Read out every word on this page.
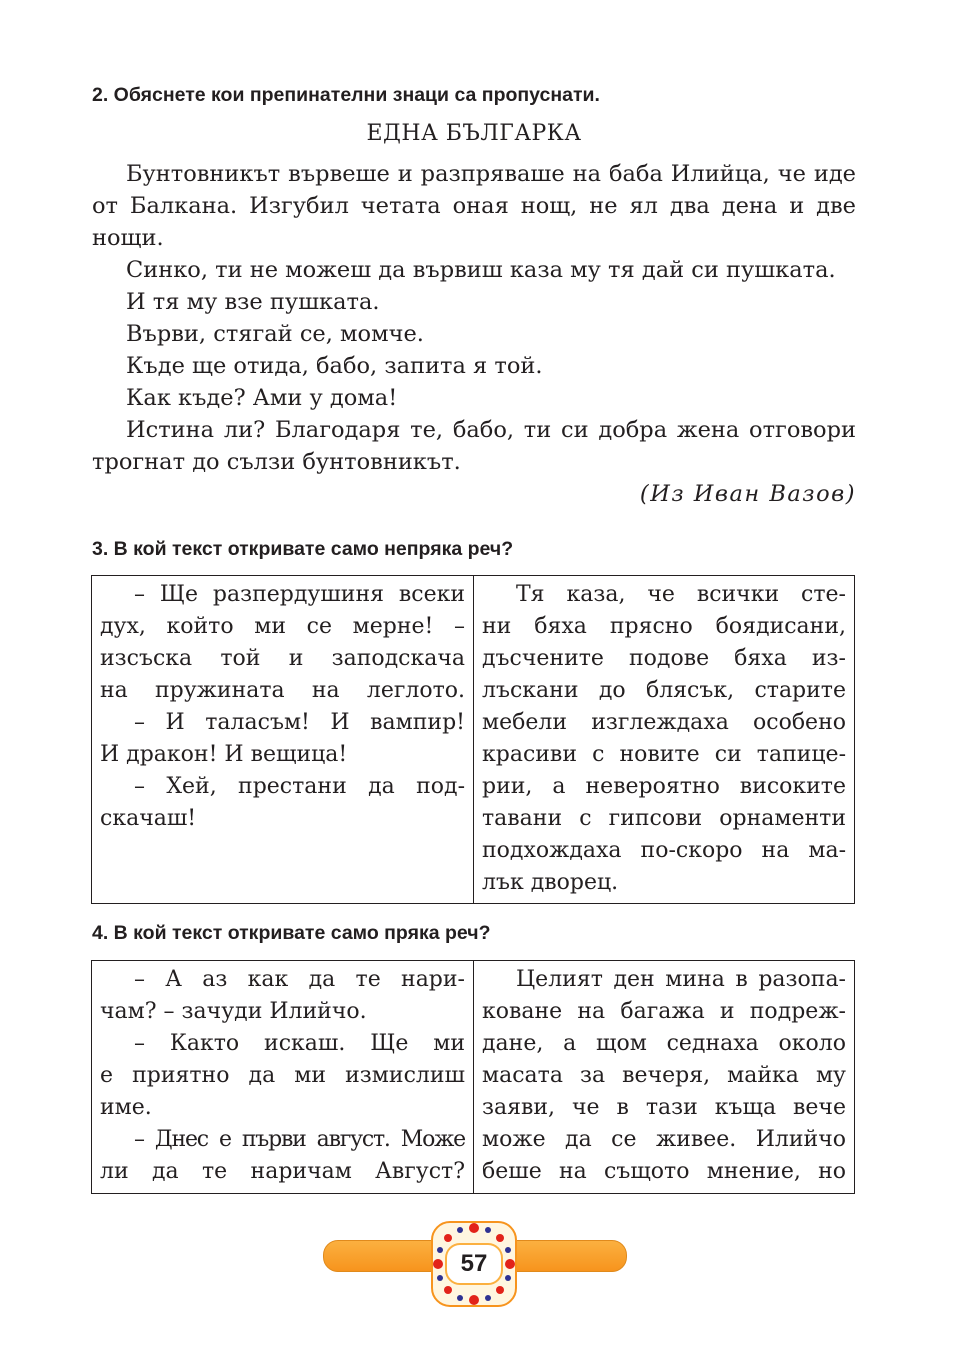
2. Обяснете кои препинателни знаци са пропуснати.
ЕДНА БЪЛГАРКА

Бунтовникът вървеше и разпряваше на баба Илийца, че иде от Балкана. Изгубил четата оная нощ, не ял два дена и две нощи.

Синко, ти не можеш да вървиш каза му тя дай си пушката.

И тя му взе пушката.

Върви, стягай се, момче.

Къде ще отида, бабо, запита я той.

Как къде? Ами у дома!

Истина ли? Благодаря те, бабо, ти си добра жена отговори трогнат до сълзи бунтовникът.

(Из Иван Вазов)

3. В кой текст откривате само непряка реч?
– Ще разпердушиня всеки
дух, който ми се мерне! –
изсъска той и заподскача
на пружината на леглото.
– И таласъм! И вампир!
И дракон! И вещица!
– Хей, престани да под-
скачаш!
Тя каза, че всички сте-
ни бяха прясно боядисани,
дъсчените подове бяха из-
лъскани до блясък, старите
мебели изглеждаха особено
красиви с новите си тапице-
рии, а невероятно високите
тавани с гипсови орнаменти
подхождаха по-скоро на ма-
лък дворец.
4. В кой текст откривате само пряка реч?
– А аз как да те нари-
чам? – зачуди Илийчо.
– Както искаш. Ще ми
е приятно да ми измислиш
име.
– Днес е първи август. Може
ли да те наричам Август?
Целият ден мина в разопа-
коване на багажа и подреж-
дане, а щом седнаха около
масата за вечеря, майка му
заяви, че в тази къща вече
може да се живее. Илийчо
беше на същото мнение, но
57
